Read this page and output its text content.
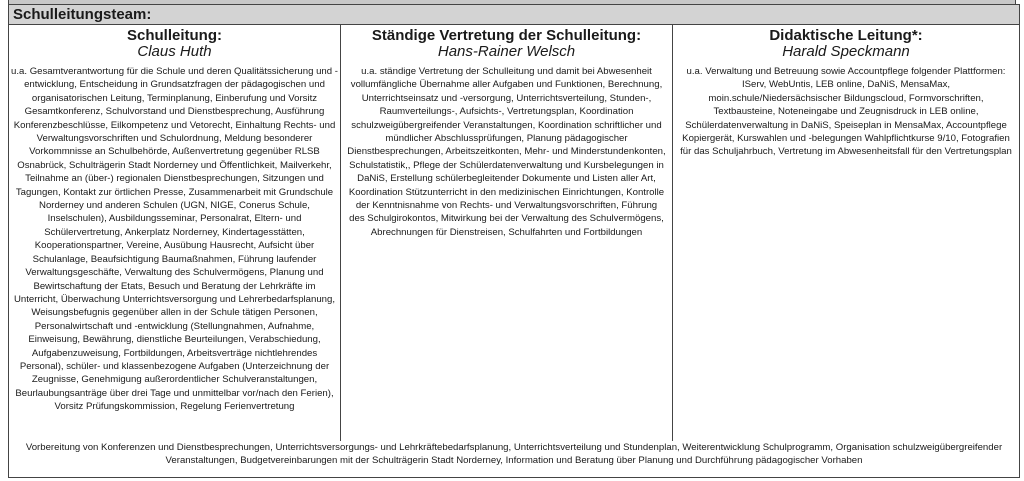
Schulleitungsteam:
Schulleitung:
Claus Huth
u.a. Gesamtverantwortung für die Schule und deren Qualitätssicherung und -entwicklung, Entscheidung in Grundsatzfragen der pädagogischen und organisatorischen Leitung, Terminplanung, Einberufung und Vorsitz Gesamtkonferenz, Schulvorstand und Dienstbesprechung, Ausführung Konferenzbeschlüsse, Eilkompetenz und Vetorecht, Einhaltung Rechts- und Verwaltungsvorschriften und Schulordnung, Meldung besonderer Vorkommnisse an Schulbehörde, Außenvertretung gegenüber RLSB Osnabrück, Schulträgerin Stadt Norderney und Öffentlichkeit, Mailverkehr, Teilnahme an (über-) regionalen Dienstbesprechungen, Sitzungen und Tagungen, Kontakt zur örtlichen Presse, Zusammenarbeit mit Grundschule Norderney und anderen Schulen (UGN, NIGE, Conerus Schule, Inselschulen), Ausbildungsseminar, Personalrat, Eltern- und Schülervertretung, Ankerplatz Norderney, Kindertagesstätten, Kooperationspartner, Vereine, Ausübung Hausrecht, Aufsicht über Schulanlage, Beaufsichtigung Baumaßnahmen, Führung laufender Verwaltungsgeschäfte, Verwaltung des Schulvermögens, Planung und Bewirtschaftung der Etats, Besuch und Beratung der Lehrkräfte im Unterricht, Überwachung Unterrichtsversorgung und Lehrerbedarfsplanung, Weisungsbefugnis gegenüber allen in der Schule tätigen Personen, Personalwirtschaft und -entwicklung (Stellungnahmen, Aufnahme, Einweisung, Bewährung, dienstliche Beurteilungen, Verabschiedung, Aufgabenzuweisung, Fortbildungen, Arbeitsverträge nichtlehrendes Personal), schüler- und klassenbezogene Aufgaben (Unterzeichnung der Zeugnisse, Genehmigung außerordentlicher Schulveranstaltungen, Beurlaubungsanträge über drei Tage und unmittelbar vor/nach den Ferien), Vorsitz Prüfungskommission, Regelung Ferienvertretung
Ständige Vertretung der Schulleitung:
Hans-Rainer Welsch
u.a. ständige Vertretung der Schulleitung und damit bei Abwesenheit vollumfängliche Übernahme aller Aufgaben und Funktionen, Berechnung, Unterrichtseinsatz und -versorgung, Unterrichtsverteilung, Stunden-, Raumverteilungs-, Aufsichts-, Vertretungsplan, Koordination schulzweigübergreifender Veranstaltungen, Koordination schriftlicher und mündlicher Abschlussprüfungen, Planung pädagogischer Dienstbesprechungen, Arbeitszeitkonten, Mehr- und Minderstundenkonten, Schulstatistik,, Pflege der Schülerdatenverwaltung und Kursbelegungen in DaNiS, Erstellung schülerbegleitender Dokumente und Listen aller Art, Koordination Stützunterricht in den medizinischen Einrichtungen, Kontrolle der Kenntnisnahme von Rechts- und Verwaltungsvorschriften, Führung des Schulgirokontos, Mitwirkung bei der Verwaltung des Schulvermögens, Abrechnungen für Dienstreisen, Schulfahrten und Fortbildungen
Didaktische Leitung*:
Harald Speckmann
u.a. Verwaltung und Betreuung sowie Accountpflege folgender Plattformen: IServ, WebUntis, LEB online, DaNiS, MensaMax, moin.schule/Niedersächsischer Bildungscloud, Formvorschriften, Textbausteine, Noteneingabe und Zeugnisdruck in LEB online, Schülerdatenverwaltung in DaNiS, Speiseplan in MensaMax, Accountpflege Kopiergerät, Kurswahlen und -belegungen Wahlpflichtkurse 9/10, Fotografien für das Schuljahrbuch, Vertretung im Abwesenheitsfall für den Vertretungsplan
Vorbereitung von Konferenzen und Dienstbesprechungen, Unterrichtsversorgungs- und Lehrkräftebedarfsplanung, Unterrichtsverteilung und Stundenplan, Weiterentwicklung Schulprogramm, Organisation schulzweigübergreifender Veranstaltungen, Budgetvereinbarungen mit der Schulträgerin Stadt Norderney, Information und Beratung über Planung und Durchführung pädagogischer Vorhaben
